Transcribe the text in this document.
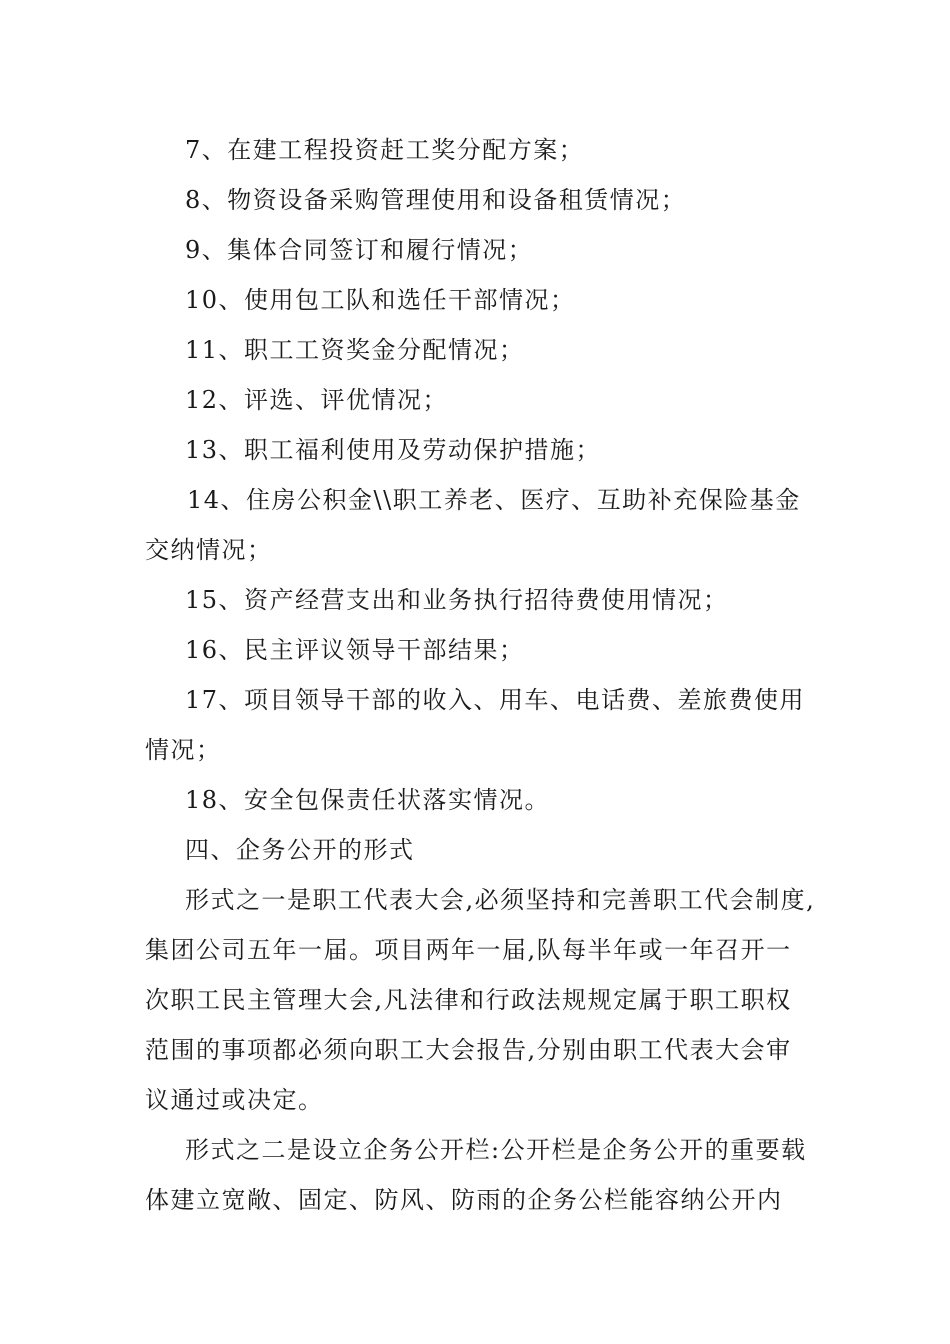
7、在建工程投资赶工奖分配方案；
8、物资设备采购管理使用和设备租赁情况；
9、集体合同签订和履行情况；
10、使用包工队和选任干部情况；
11、职工工资奖金分配情况；
12、评选、评优情况；
13、职工福利使用及劳动保护措施；
14、住房公积金\\职工养老、医疗、互助补充保险基金
交纳情况；
15、资产经营支出和业务执行招待费使用情况；
16、民主评议领导干部结果；
17、项目领导干部的收入、用车、电话费、差旅费使用
情况；
18、安全包保责任状落实情况。
四、企务公开的形式
形式之一是职工代表大会,必须坚持和完善职工代会制度,
集团公司五年一届。项目两年一届,队每半年或一年召开一
次职工民主管理大会,凡法律和行政法规规定属于职工职权
范围的事项都必须向职工大会报告,分别由职工代表大会审
议通过或决定。
形式之二是设立企务公开栏:公开栏是企务公开的重要载
体建立宽敞、固定、防风、防雨的企务公栏能容纳公开内
